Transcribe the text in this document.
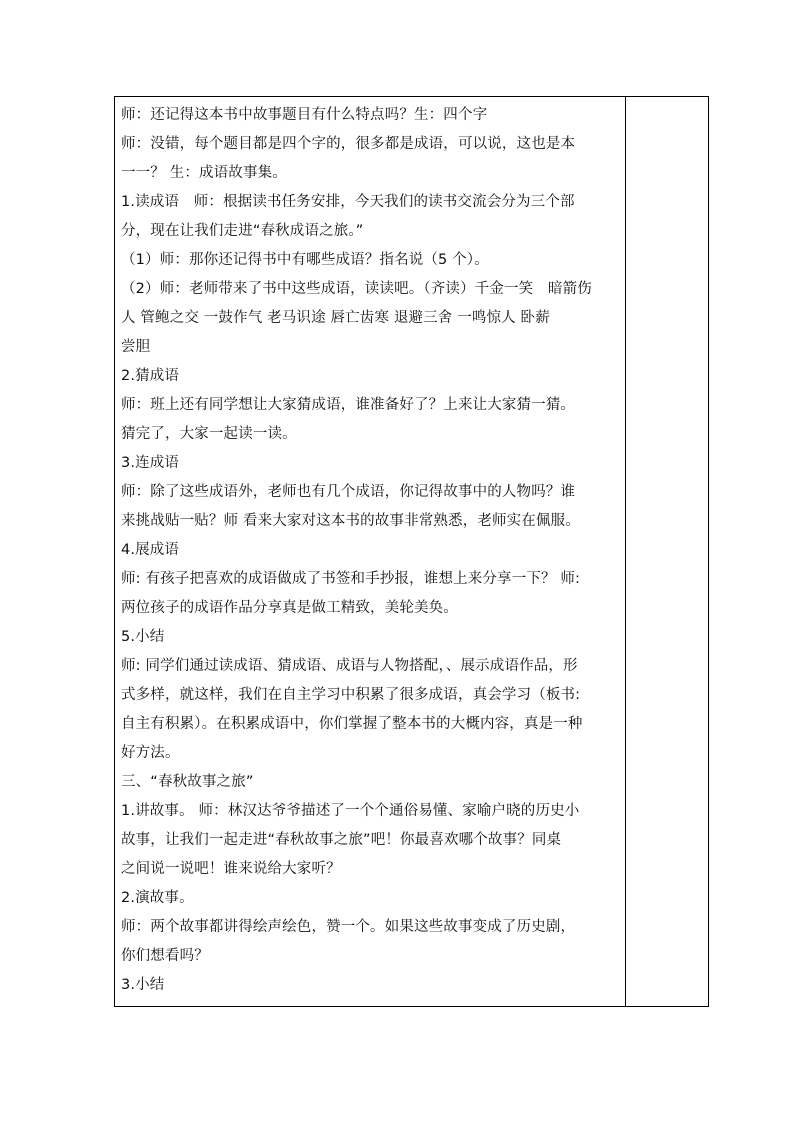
师：还记得这本书中故事题目有什么特点吗？生：四个字
师：没错，每个题目都是四个字的，很多都是成语，可以说，这也是本
一一？ 生：成语故事集。
1.读成语　师：根据读书任务安排，今天我们的读书交流会分为三个部
分，现在让我们走进“春秋成语之旅。”
（1）师：那你还记得书中有哪些成语？指名说（5 个）。
（2）师：老师带来了书中这些成语，读读吧。（齐读）千金一笑　暗箭伤
人 管鲍之交 一鼓作气 老马识途 唇亡齿寒 退避三舍 一鸣惊人 卧薪
尝胆
2.猜成语
师：班上还有同学想让大家猜成语，谁准备好了？上来让大家猜一猜。
猜完了，大家一起读一读。
3.连成语
师：除了这些成语外，老师也有几个成语，你记得故事中的人物吗？谁
来挑战贴一贴？师 看来大家对这本书的故事非常熟悉，老师实在佩服。
4.展成语
师: 有孩子把喜欢的成语做成了书签和手抄报，谁想上来分享一下？ 师:
两位孩子的成语作品分享真是做工精致，美轮美奂。
5.小结
师: 同学们通过读成语、猜成语、成语与人物搭配，、展示成语作品，形
式多样，就这样，我们在自主学习中积累了很多成语，真会学习（板书:
自主有积累）。在积累成语中，你们掌握了整本书的大概内容，真是一种
好方法。
三、“春秋故事之旅”
1.讲故事。 师：林汉达爷爷描述了一个个通俗易懂、家喻户晓的历史小
故事，让我们一起走进“春秋故事之旅”吧！你最喜欢哪个故事？同桌
之间说一说吧！谁来说给大家听？
2.演故事。
师：两个故事都讲得绘声绘色，赞一个。如果这些故事变成了历史剧，
你们想看吗？
3.小结
